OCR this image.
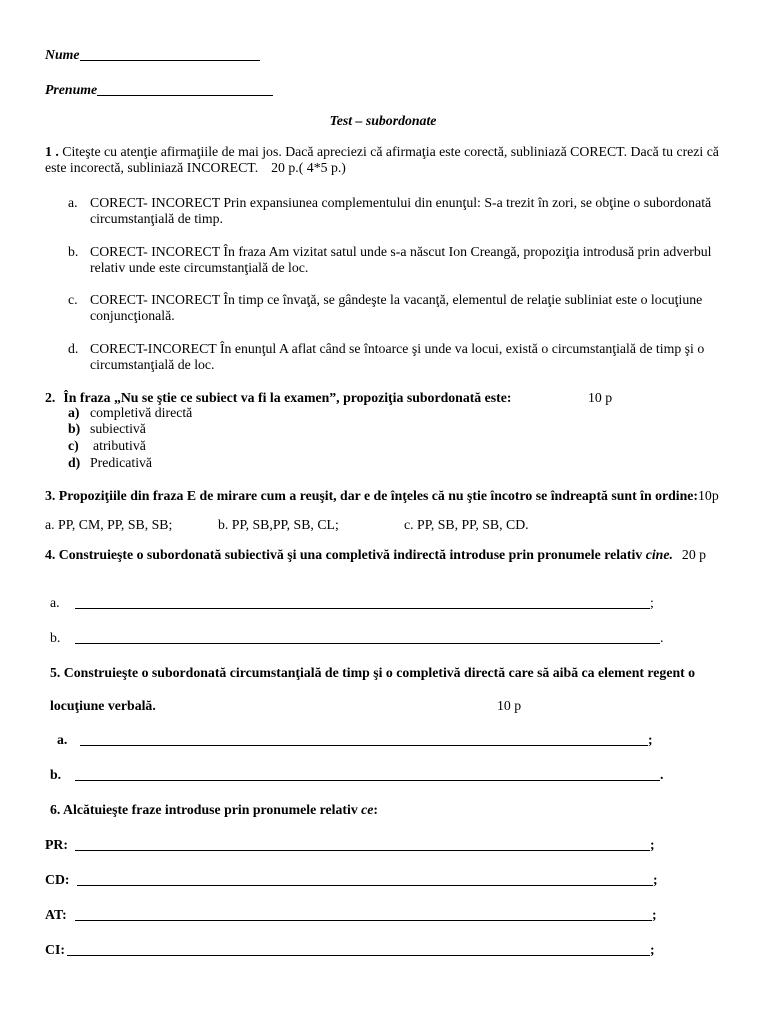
Nume
Prenume
Test – subordonate
1 . Citeşte cu atenţie afirmaţiile de mai jos. Dacă apreciezi că afirmaţia este corectă, subliniază CORECT. Dacă tu crezi că este incorectă, subliniază INCORECT. 20 p.( 4*5 p.)
a. CORECT- INCORECT Prin expansiunea complementului din enunţul: S-a trezit în zori, se obţine o subordonată circumstanţială de timp.
b. CORECT- INCORECT În fraza Am vizitat satul unde s-a născut Ion Creangă, propoziţia introdusă prin adverbul relativ unde este circumstanţială de loc.
c. CORECT- INCORECT În timp ce învaţă, se gândeşte la vacanţă, elementul de relaţie subliniat este o locuţiune conjuncţională.
d. CORECT-INCORECT În enunţul A aflat când se întoarce şi unde va locui, există o circumstanţială de timp şi o circumstanţială de loc.
2. În fraza „Nu se ştie ce subiect va fi la examen”, propoziţia subordonată este:	10 p
a) completivă directă
b) subiectivă
c) atributivă
d) Predicativă
3. Propoziţiile din fraza E de mirare cum a reuşit, dar e de înţeles că nu ştie încotro se îndreaptă sunt în ordine:10p
a. PP, CM, PP, SB, SB;	b. PP, SB,PP, SB, CL;	c. PP, SB, PP, SB, CD.
4. Construieşte o subordonată subiectivă şi una completivă indirectă introduse prin pronumele relativ cine. 20 p
a.	;
b.	.
5. Construieşte o subordonată circumstanţială de timp şi o completivă directă care să aibă ca element regent o locuţiune verbală.	10 p
a.	;
b.	.
6. Alcătuieşte fraze introduse prin pronumele relativ ce:
PR:	;
CD:	;
AT:	;
CI:	;
